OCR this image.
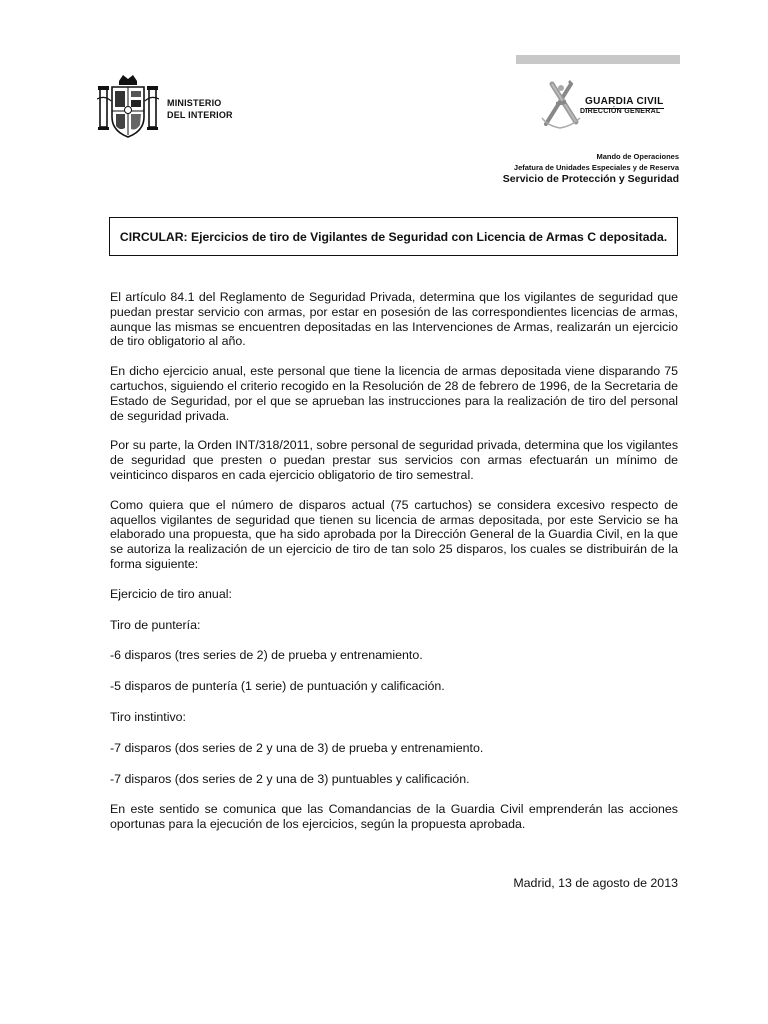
MINISTERIO
DEL INTERIOR
GUARDIA CIVIL
DIRECCIÓN GENERAL
Mando de Operaciones
Jefatura de Unidades Especiales y de Reserva
Servicio de Protección y Seguridad
CIRCULAR: Ejercicios de tiro de Vigilantes de Seguridad con Licencia de Armas C depositada.

El artículo 84.1 del Reglamento de Seguridad Privada, determina que los vigilantes de seguridad que puedan prestar servicio con armas, por estar en posesión de las correspondientes licencias de armas, aunque las mismas se encuentren depositadas en las Intervenciones de Armas, realizarán un ejercicio de tiro obligatorio al año.

En dicho ejercicio anual, este personal que tiene la licencia de armas depositada viene disparando 75 cartuchos, siguiendo el criterio recogido en la Resolución de 28 de febrero de 1996, de la Secretaria de Estado de Seguridad, por el que se aprueban las instrucciones para la realización de tiro del personal de seguridad privada.

Por su parte, la Orden INT/318/2011, sobre personal de seguridad privada, determina que los vigilantes de seguridad que presten o puedan prestar sus servicios con armas efectuarán un mínimo de veinticinco disparos en cada ejercicio obligatorio de tiro semestral.

Como quiera que el número de disparos actual (75 cartuchos) se considera excesivo respecto de aquellos vigilantes de seguridad que tienen su licencia de armas depositada, por este Servicio se ha elaborado una propuesta, que ha sido aprobada por la Dirección General de la Guardia Civil, en la que se autoriza la realización de un ejercicio de tiro de tan solo 25 disparos, los cuales se distribuirán de la forma siguiente:

Ejercicio de tiro anual:

Tiro de puntería:

-6 disparos (tres series de 2) de prueba y entrenamiento.

-5 disparos de puntería (1 serie) de puntuación y calificación.

Tiro instintivo:

-7 disparos (dos series de 2 y una de 3) de prueba y entrenamiento.

-7 disparos (dos series de 2 y una de 3) puntuables y calificación.

En este sentido se comunica que las Comandancias de la Guardia Civil emprenderán las acciones oportunas para la ejecución de los ejercicios, según la propuesta aprobada.

Madrid, 13 de agosto de 2013
